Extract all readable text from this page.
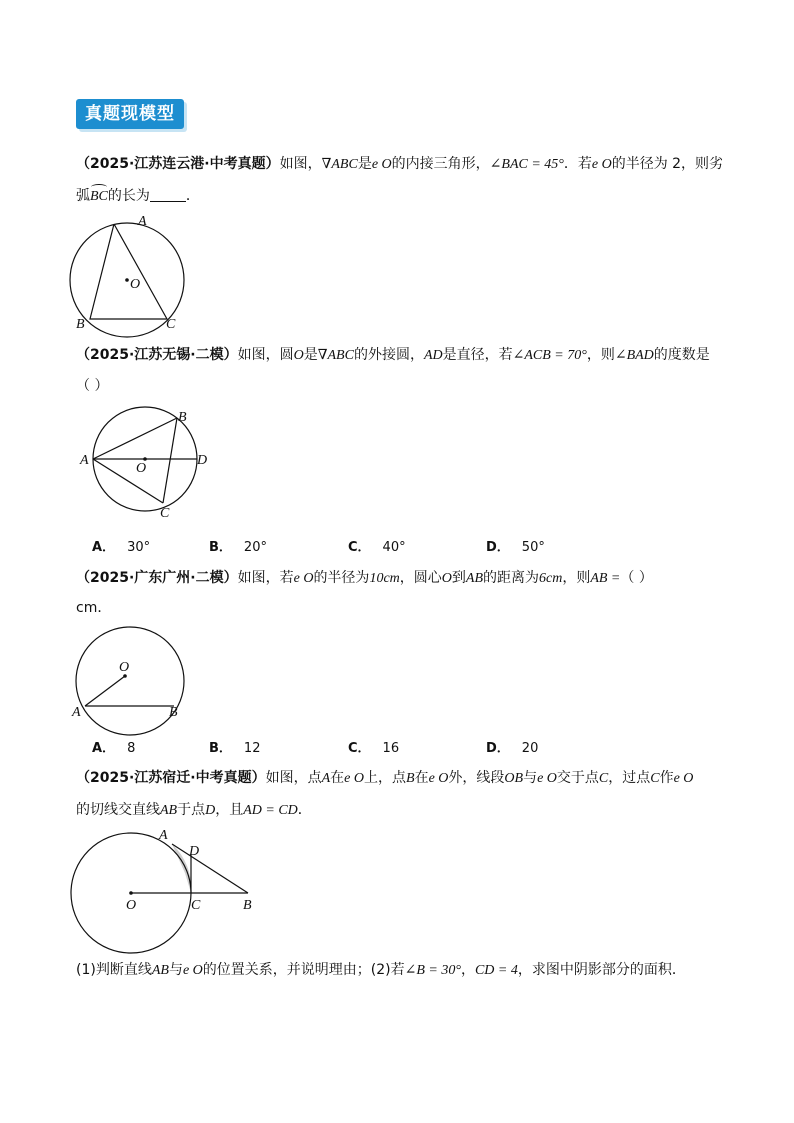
真题现模型
（2025·江苏连云港·中考真题）如图，∇ABC是e O的内接三角形，∠BAC = 45°．若e O的半径为 2，则劣
弧BC的长为	．
A
B	C
O
（2025·江苏无锡·二模）如图，圆O是∇ABC的外接圆，AD是直径，若∠ACB = 70°，则∠BAD的度数是
（ ）
A
B
C
D
O
A． 30°	B． 20°	C． 40°	D． 50°
（2025·广东广州·二模）如图，若e O的半径为10cm，圆心O到AB的距离为6cm，则AB =（ ）
cm．
O
A	B
A． 8	B． 12	C． 16	D． 20
（2025·江苏宿迁·中考真题）如图，点A在e O上，点B在e O外，线段OB与e O交于点C，过点C作e O
的切线交直线AB于点D，且AD = CD．
A
D
O	C	B
(1)判断直线AB与e O的位置关系，并说明理由；(2)若∠B = 30°，CD = 4，求图中阴影部分的面积．
